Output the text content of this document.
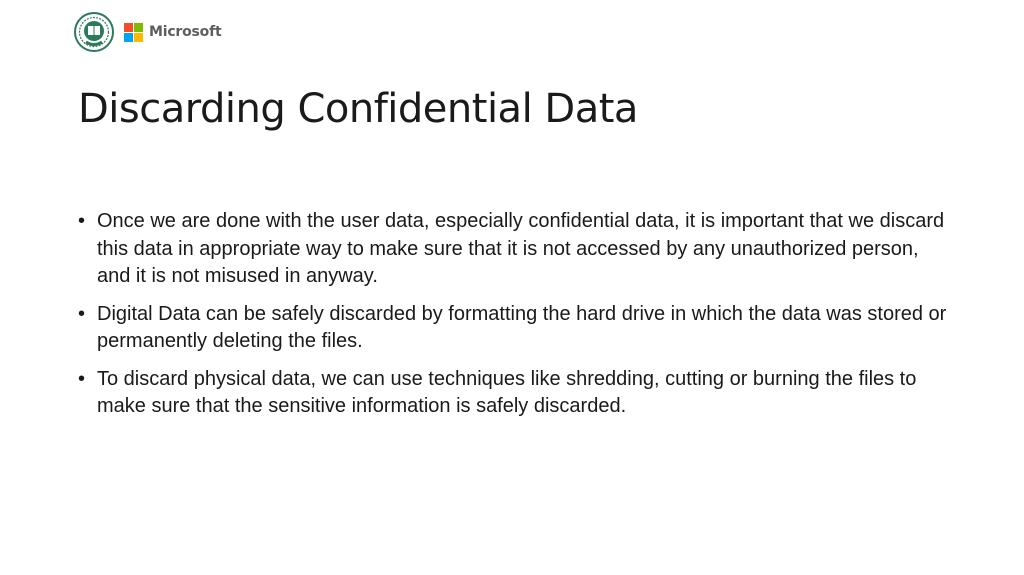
Microsoft
Discarding Confidential Data
• Once we are done with the user data, especially confidential data, it is important that we discard this data in appropriate way to make sure that it is not accessed by any unauthorized person, and it is not misused in anyway.
• Digital Data can be safely discarded by formatting the hard drive in which the data was stored or permanently deleting the files.
• To discard physical data, we can use techniques like shredding, cutting or burning the files to make sure that the sensitive information is safely discarded.
